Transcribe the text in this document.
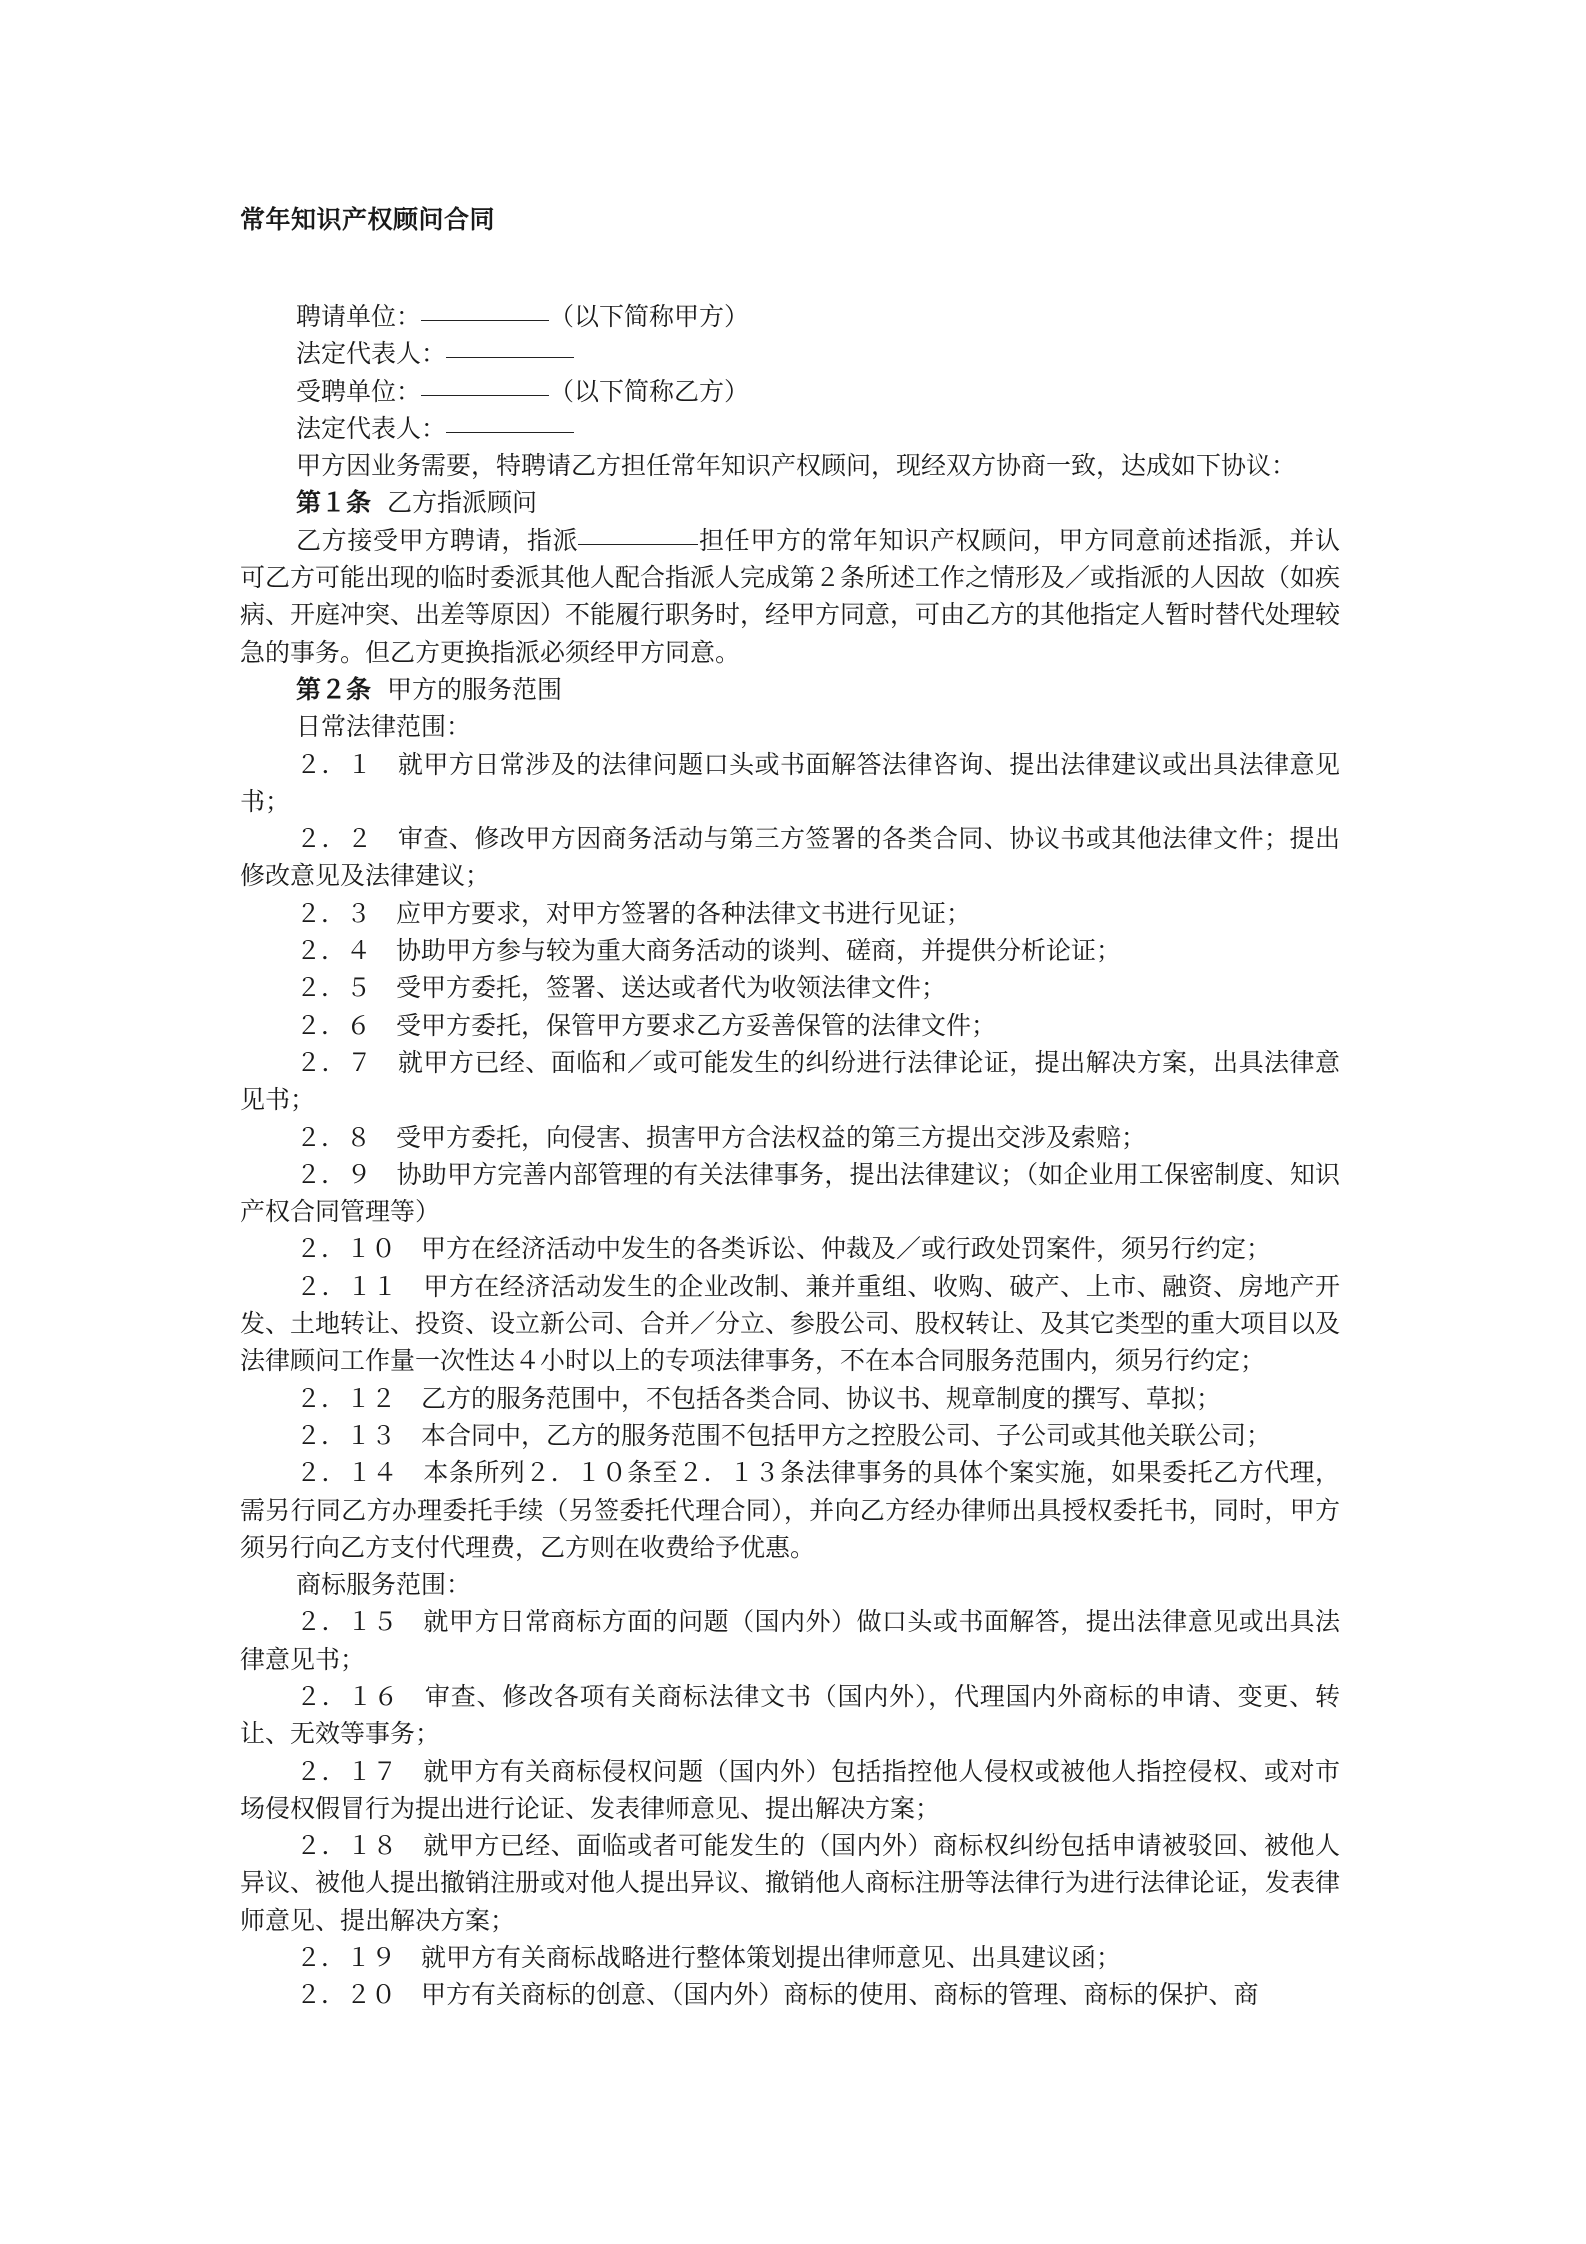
常年知识产权顾问合同

聘请单位：	（以下简称甲方）

法定代表人：

受聘单位：	（以下简称乙方）

法定代表人：

甲方因业务需要，特聘请乙方担任常年知识产权顾问，现经双方协商一致，达成如下协议：

第１条 乙方指派顾问

乙方接受甲方聘请，指派	担任甲方的常年知识产权顾问，甲方同意前述指派，并认可乙方可能出现的临时委派其他人配合指派人完成第２条所述工作之情形及／或指派的人因故（如疾病、开庭冲突、出差等原因）不能履行职务时，经甲方同意，可由乙方的其他指定人暂时替代处理较急的事务。但乙方更换指派必须经甲方同意。

第２条 甲方的服务范围

日常法律范围：

２．１　就甲方日常涉及的法律问题口头或书面解答法律咨询、提出法律建议或出具法律意见书；

２．２　审查、修改甲方因商务活动与第三方签署的各类合同、协议书或其他法律文件；提出修改意见及法律建议；

２．３　应甲方要求，对甲方签署的各种法律文书进行见证；

２．４　协助甲方参与较为重大商务活动的谈判、磋商，并提供分析论证；

２．５　受甲方委托，签署、送达或者代为收领法律文件；

２．６　受甲方委托，保管甲方要求乙方妥善保管的法律文件；

２．７　就甲方已经、面临和／或可能发生的纠纷进行法律论证，提出解决方案，出具法律意见书；

２．８　受甲方委托，向侵害、损害甲方合法权益的第三方提出交涉及索赔；

２．９　协助甲方完善内部管理的有关法律事务，提出法律建议；（如企业用工保密制度、知识产权合同管理等）

２．１０　甲方在经济活动中发生的各类诉讼、仲裁及／或行政处罚案件，须另行约定；

２．１１　甲方在经济活动发生的企业改制、兼并重组、收购、破产、上市、融资、房地产开发、土地转让、投资、设立新公司、合并／分立、参股公司、股权转让、及其它类型的重大项目以及法律顾问工作量一次性达４小时以上的专项法律事务，不在本合同服务范围内，须另行约定；

２．１２　乙方的服务范围中，不包括各类合同、协议书、规章制度的撰写、草拟；

２．１３　本合同中，乙方的服务范围不包括甲方之控股公司、子公司或其他关联公司；

２．１４　本条所列２．１０条至２．１３条法律事务的具体个案实施，如果委托乙方代理，需另行同乙方办理委托手续（另签委托代理合同），并向乙方经办律师出具授权委托书，同时，甲方须另行向乙方支付代理费，乙方则在收费给予优惠。

商标服务范围：

２．１５　就甲方日常商标方面的问题（国内外）做口头或书面解答，提出法律意见或出具法律意见书；

２．１６　审查、修改各项有关商标法律文书（国内外），代理国内外商标的申请、变更、转让、无效等事务；

２．１７　就甲方有关商标侵权问题（国内外）包括指控他人侵权或被他人指控侵权、或对市场侵权假冒行为提出进行论证、发表律师意见、提出解决方案；

２．１８　就甲方已经、面临或者可能发生的（国内外）商标权纠纷包括申请被驳回、被他人异议、被他人提出撤销注册或对他人提出异议、撤销他人商标注册等法律行为进行法律论证，发表律师意见、提出解决方案；

２．１９　就甲方有关商标战略进行整体策划提出律师意见、出具建议函；

２．２０　甲方有关商标的创意、（国内外）商标的使用、商标的管理、商标的保护、商
